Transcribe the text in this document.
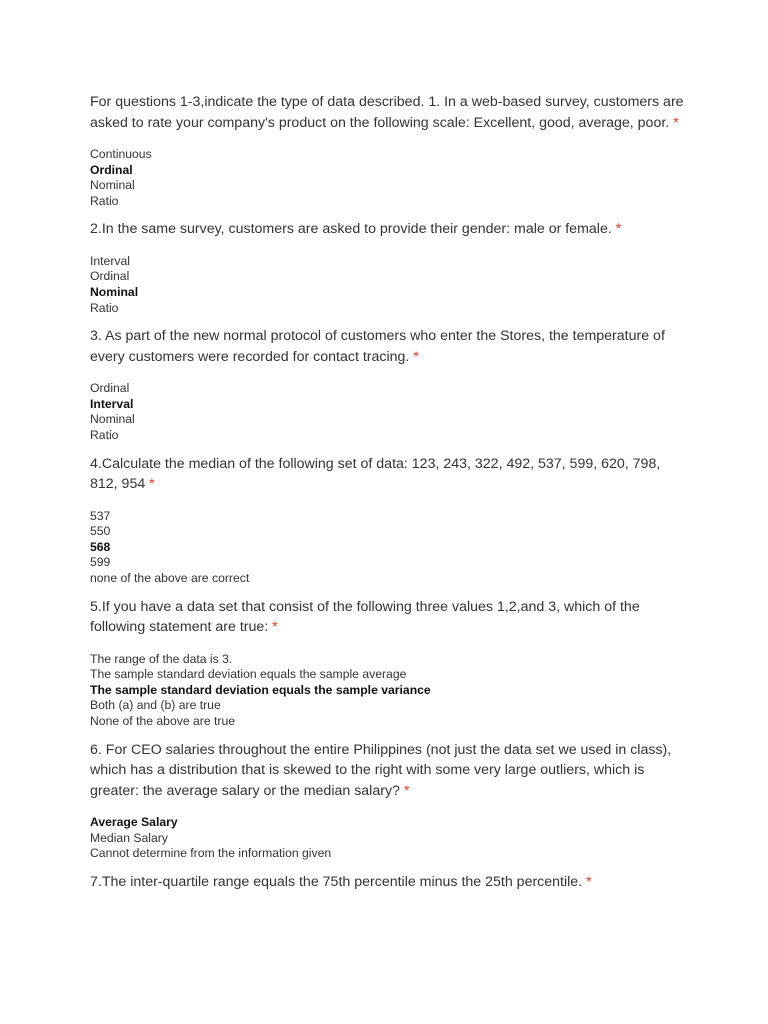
For questions 1-3,indicate the type of data described. 1. In a web-based survey, customers are asked to rate your company's product on the following scale: Excellent, good, average, poor. *
Continuous
Ordinal
Nominal
Ratio
2.In the same survey, customers are asked to provide their gender: male or female. *
Interval
Ordinal
Nominal
Ratio
3. As part of the new normal protocol of customers who enter the Stores, the temperature of every customers were recorded for contact tracing. *
Ordinal
Interval
Nominal
Ratio
4.Calculate the median of the following set of data: 123, 243, 322, 492, 537, 599, 620, 798, 812, 954 *
537
550
568
599
none of the above are correct
5.If you have a data set that consist of the following three values 1,2,and 3, which of the following statement are true: *
The range of the data is 3.
The sample standard deviation equals the sample average
The sample standard deviation equals the sample variance
Both (a) and (b) are true
None of the above are true
6. For CEO salaries throughout the entire Philippines (not just the data set we used in class), which has a distribution that is skewed to the right with some very large outliers, which is greater: the average salary or the median salary? *
Average Salary
Median Salary
Cannot determine from the information given
7.The inter-quartile range equals the 75th percentile minus the 25th percentile. *
